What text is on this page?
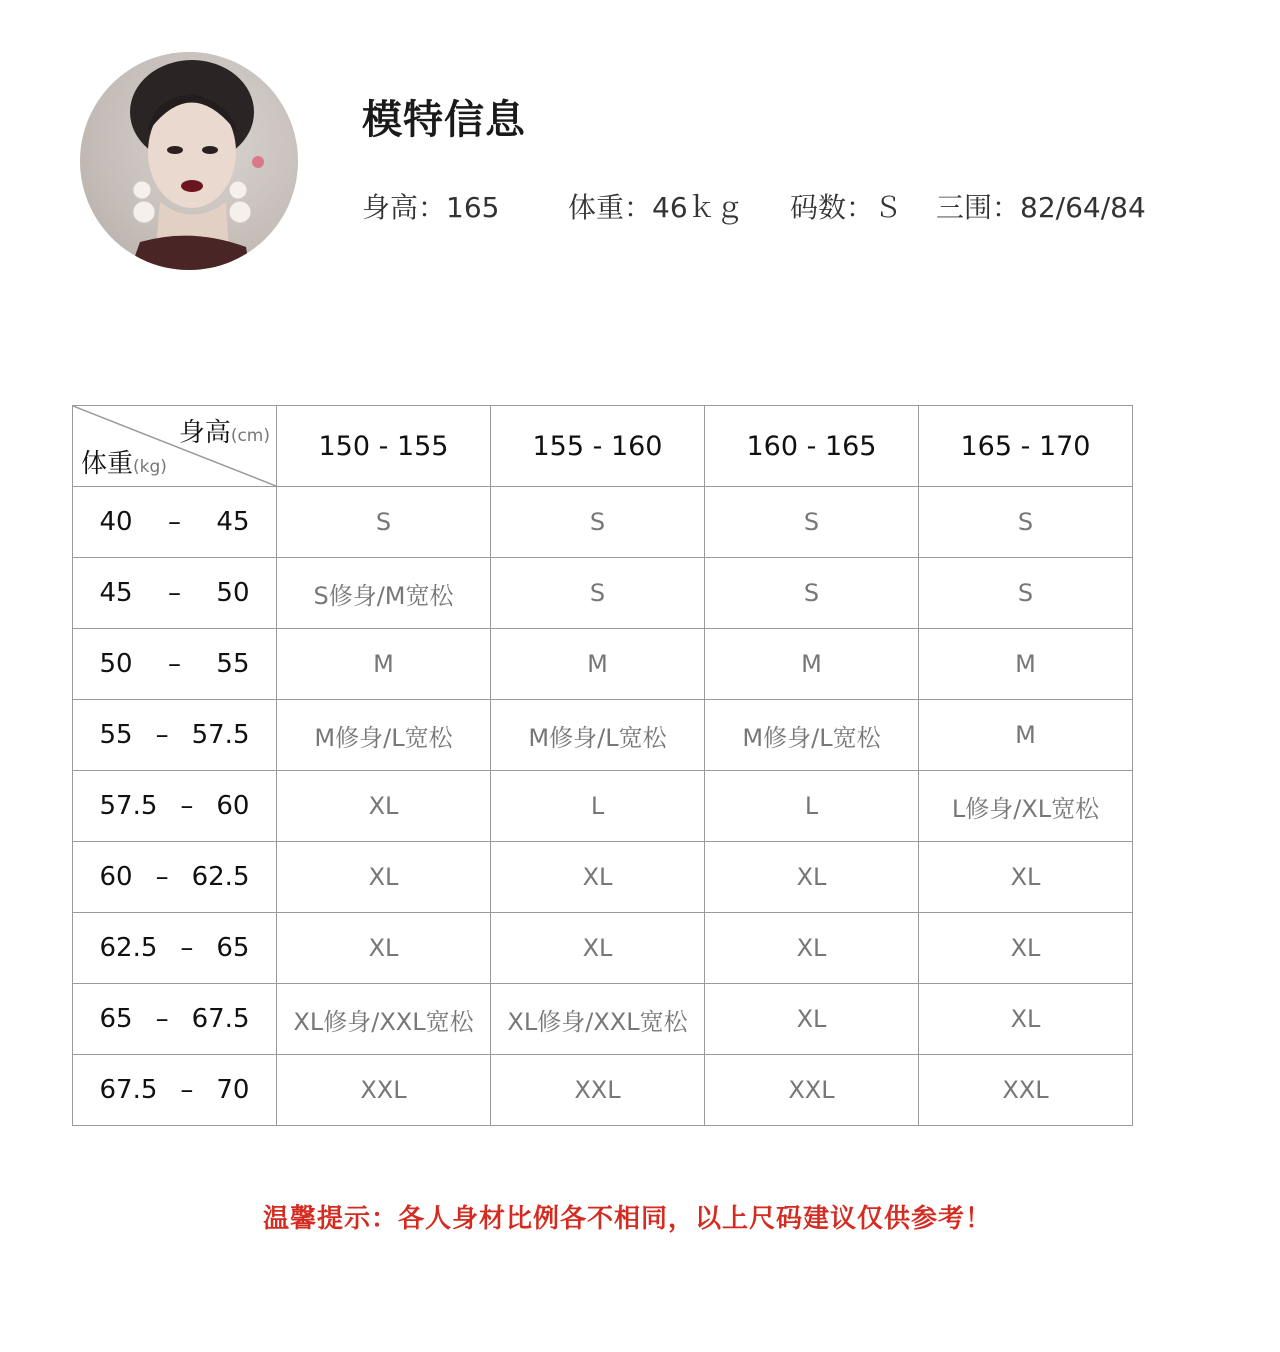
模特信息
身高：165 体重：46ｋｇ 码数：Ｓ 三围：82/64/84
身高(cm)
体重(kg)	150 - 155	155 - 160	160 - 165	165 - 170

40 – 45	S	S	S	S

45 – 50	S修身/M宽松	S	S	S

50 – 55	M	M	M	M

55 – 57.5	M修身/L宽松	M修身/L宽松	M修身/L宽松	M

57.5 – 60	XL	L	L	L修身/XL宽松

60 – 62.5	XL	XL	XL	XL

62.5 – 65	XL	XL	XL	XL

65 – 67.5	XL修身/XXL宽松	XL修身/XXL宽松	XL	XL

67.5 – 70	XXL	XXL	XXL	XXL
温馨提示：各人身材比例各不相同，以上尺码建议仅供参考！
